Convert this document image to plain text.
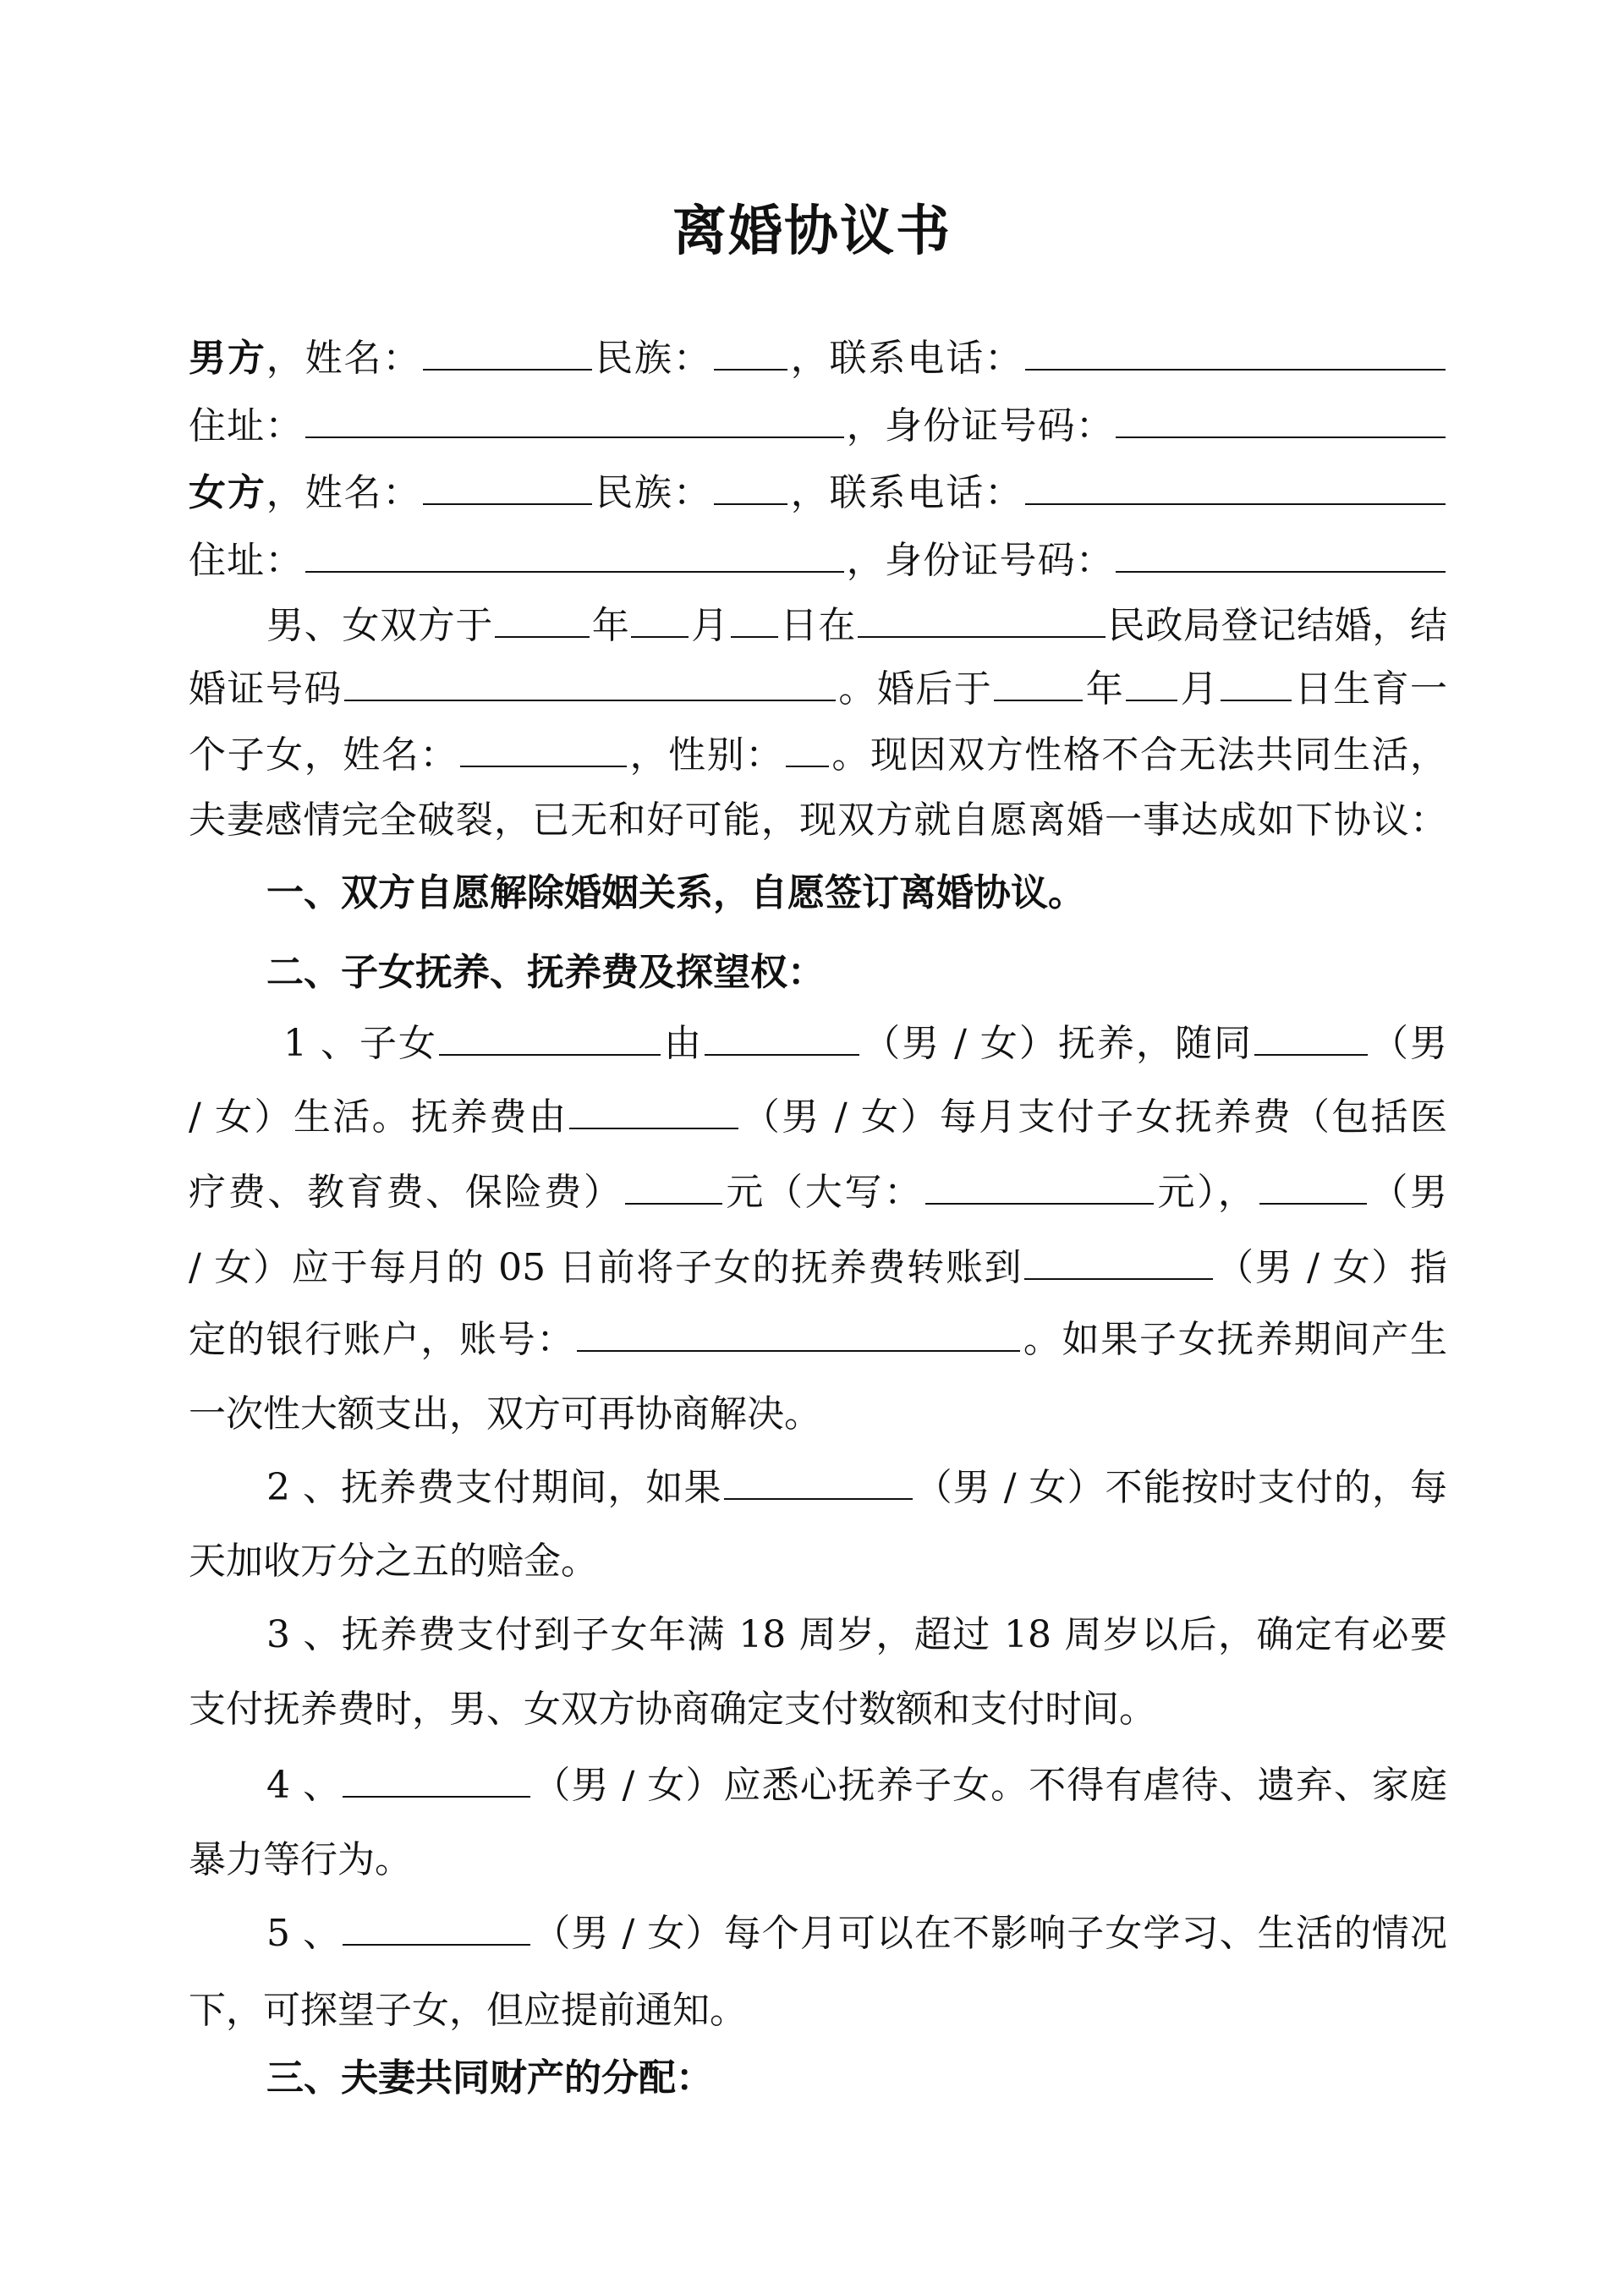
离婚协议书
男方，姓名：	民族： ，联系电话：
住址：	，身份证号码：
女方，姓名：	民族： ，联系电话：
住址：	，身份证号码：
男、女双方于	年 月 日在	民政局登记结婚，结
婚证号码	。婚后于 年 月 日生育一
个子女，姓名：	，性别： 。现因双方性格不合无法共同生活，
夫妻感情完全破裂，已无和好可能，现双方就自愿离婚一事达成如下协议：
一、双方自愿解除婚姻关系，自愿签订离婚协议。
二、子女抚养、抚养费及探望权：
1 、子女	由	（男 / 女）抚养，随同	（男
/ 女）生活。抚养费由	（男 / 女）每月支付子女抚养费（包括医
疗费、教育费、保险费）	元（大写：	元），	（男
/ 女）应于每月的 05 日前将子女的抚养费转账到	（男 / 女）指
定的银行账户，账号：	。如果子女抚养期间产生
一次性大额支出，双方可再协商解决。
2 、抚养费支付期间，如果	（男 / 女）不能按时支付的，每
天加收万分之五的赔金。
3 、抚养费支付到子女年满 18 周岁，超过 18 周岁以后，确定有必要
支付抚养费时，男、女双方协商确定支付数额和支付时间。
4 、	（男 / 女）应悉心抚养子女。不得有虐待、遗弃、家庭
暴力等行为。
5 、	（男 / 女）每个月可以在不影响子女学习、生活的情况
下，可探望子女，但应提前通知。
三、夫妻共同财产的分配：
